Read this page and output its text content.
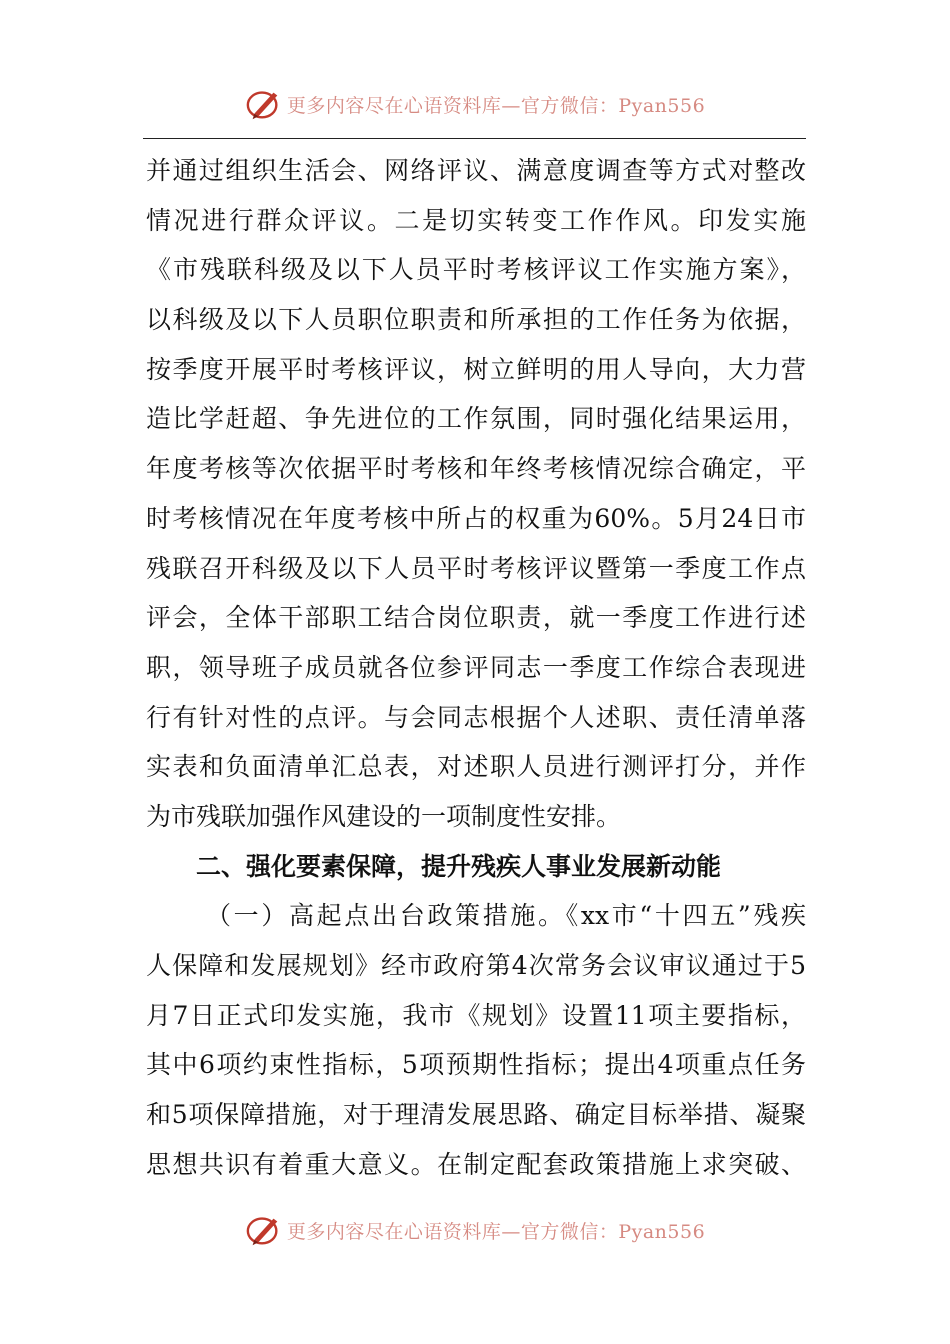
更多内容尽在心语资料库—官方微信：Pyan556
并通过组织生活会、网络评议、满意度调查等方式对整改
情况进行群众评议。二是切实转变工作作风。印发实施
《市残联科级及以下人员平时考核评议工作实施方案》，
以科级及以下人员职位职责和所承担的工作任务为依据，
按季度开展平时考核评议，树立鲜明的用人导向，大力营
造比学赶超、争先进位的工作氛围，同时强化结果运用，
年度考核等次依据平时考核和年终考核情况综合确定，平
时考核情况在年度考核中所占的权重为60%。5月24日市
残联召开科级及以下人员平时考核评议暨第一季度工作点
评会，全体干部职工结合岗位职责，就一季度工作进行述
职，领导班子成员就各位参评同志一季度工作综合表现进
行有针对性的点评。与会同志根据个人述职、责任清单落
实表和负面清单汇总表，对述职人员进行测评打分，并作
为市残联加强作风建设的一项制度性安排。
二、强化要素保障，提升残疾人事业发展新动能
（一）高起点出台政策措施。《xx市“十四五”残疾
人保障和发展规划》经市政府第4次常务会议审议通过于5
月7日正式印发实施，我市《规划》设置11项主要指标，
其中6项约束性指标，5项预期性指标；提出4项重点任务
和5项保障措施，对于理清发展思路、确定目标举措、凝聚
思想共识有着重大意义。在制定配套政策措施上求突破、
更多内容尽在心语资料库—官方微信：Pyan556
